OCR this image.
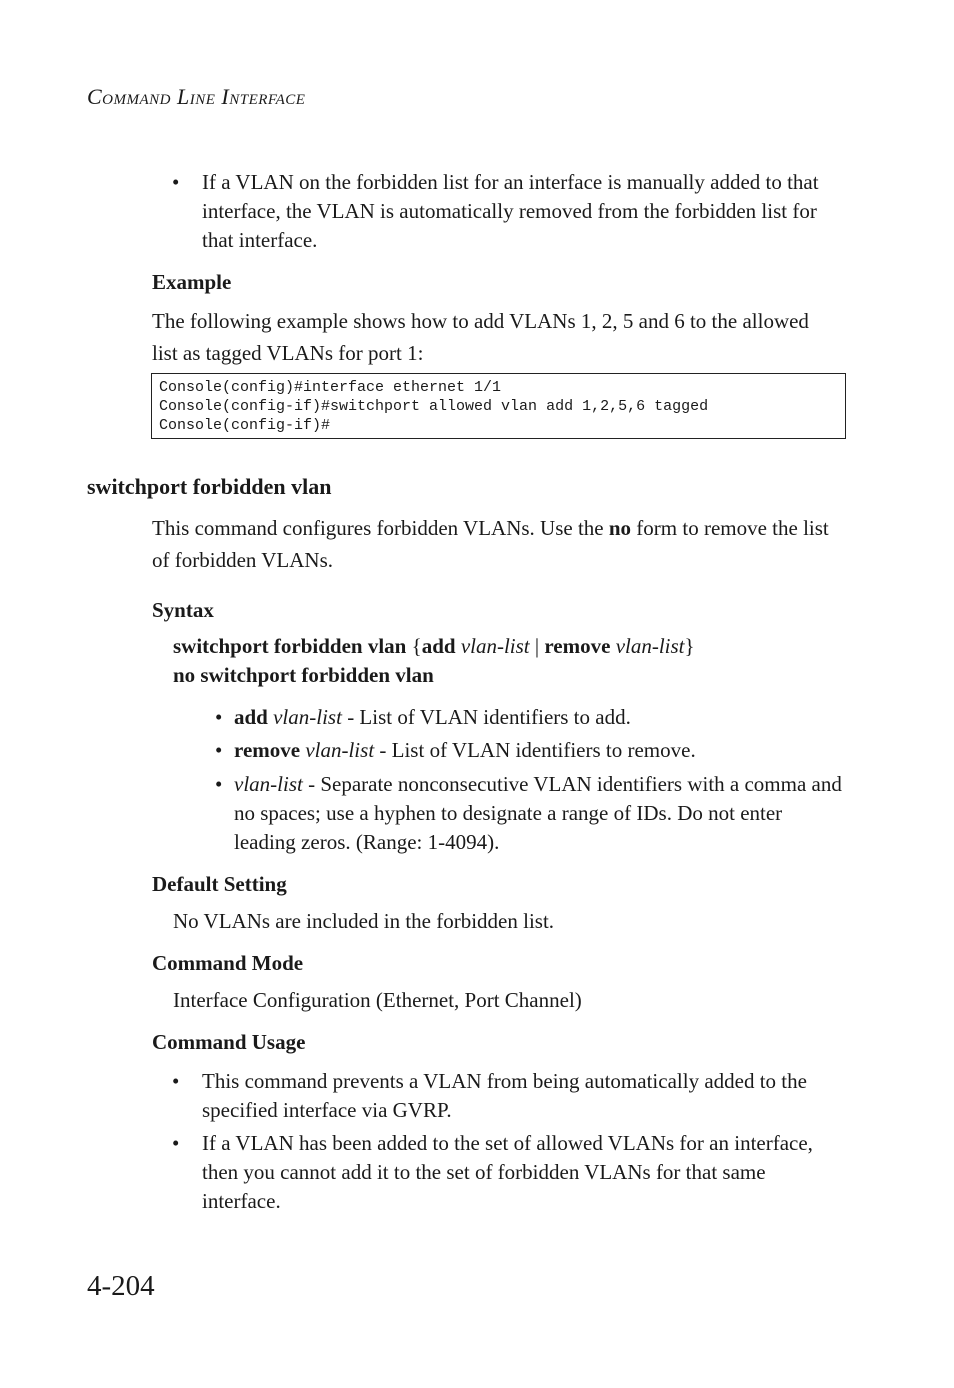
Command Line Interface
•	If a VLAN on the forbidden list for an interface is manually added to that interface, the VLAN is automatically removed from the forbidden list for that interface.
Example
The following example shows how to add VLANs 1, 2, 5 and 6 to the allowed list as tagged VLANs for port 1:
Console(config)#interface ethernet 1/1
Console(config-if)#switchport allowed vlan add 1,2,5,6 tagged
Console(config-if)#
switchport forbidden vlan
This command configures forbidden VLANs. Use the no form to remove the list of forbidden VLANs.
Syntax
switchport forbidden vlan {add vlan-list | remove vlan-list}
no switchport forbidden vlan
• add vlan-list - List of VLAN identifiers to add.
• remove vlan-list - List of VLAN identifiers to remove.
• vlan-list - Separate nonconsecutive VLAN identifiers with a comma and no spaces; use a hyphen to designate a range of IDs. Do not enter leading zeros. (Range: 1-4094).
Default Setting
No VLANs are included in the forbidden list.
Command Mode
Interface Configuration (Ethernet, Port Channel)
Command Usage
•	This command prevents a VLAN from being automatically added to the specified interface via GVRP.
•	If a VLAN has been added to the set of allowed VLANs for an interface, then you cannot add it to the set of forbidden VLANs for that same interface.
4-204
